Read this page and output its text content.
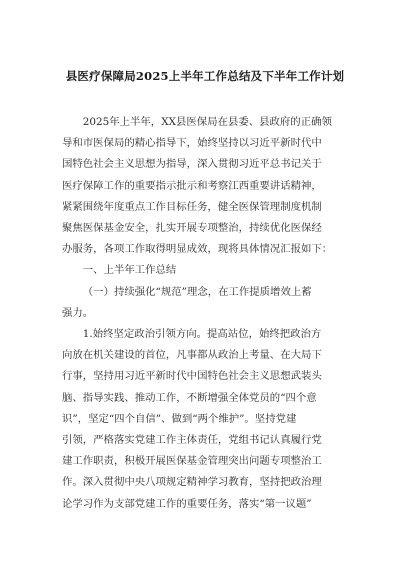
县医疗保障局2025上半年工作总结及下半年工作计划
2025年上半年，XX县医保局在县委、县政府的正确领
导和市医保局的精心指导下，始终坚持以习近平新时代中
国特色社会主义思想为指导，深入贯彻习近平总书记关于
医疗保障工作的重要指示批示和考察江西重要讲话精神，
紧紧围绕年度重点工作目标任务，健全医保管理制度机制
聚焦医保基金安全，扎实开展专项整治，持续优化医保经
办服务，各项工作取得明显成效，现将具体情况汇报如下：
一、上半年工作总结
（一）持续强化“规范”理念，在工作提质增效上蓄
强力。
1.始终坚定政治引领方向。提高站位，始终把政治方
向放在机关建设的首位，凡事都从政治上考量、在大局下
行事，坚持用习近平新时代中国特色社会主义思想武装头
脑、指导实践、推动工作，不断增强全体党员的“四个意
识”，坚定“四个自信”、做到“两个维护”。坚持党建
引领，严格落实党建工作主体责任，党组书记认真履行党
建工作职责，积极开展医保基金管理突出问题专项整治工
作。深入贯彻中央八项规定精神学习教育，坚持把政治理
论学习作为支部党建工作的重要任务，落实“第一议题”
